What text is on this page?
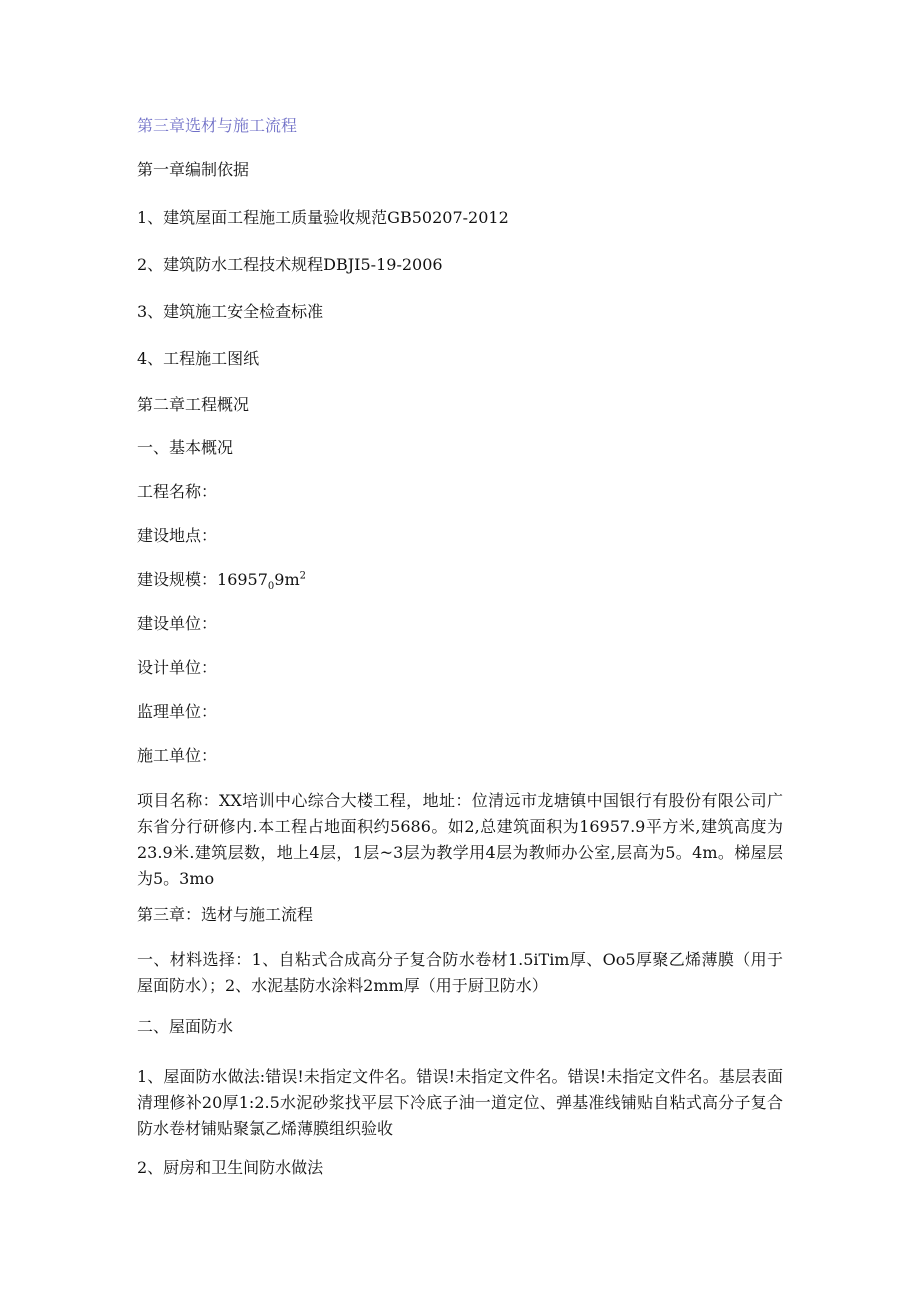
第三章选材与施工流程

第一章编制依据

1、建筑屋面工程施工质量验收规范GB50207-2012

2、建筑防水工程技术规程DBJI5-19-2006

3、建筑施工安全检查标准

4、工程施工图纸

第二章工程概况

一、基本概况

工程名称：

建设地点：

建设规模：$16957_09m^2$

建设单位：

设计单位：

监理单位：

施工单位：

项目名称：XX培训中心综合大楼工程，地址：位清远市龙塘镇中国银行有股份有限公司广东省分行研修内.本工程占地面积约5686。如2,总建筑面积为16957.9平方米,建筑高度为23.9米.建筑层数，地上4层，1层~3层为教学用4层为教师办公室,层高为5。4m。梯屋层为5。3mo

第三章：选材与施工流程

一、材料选择：1、自粘式合成高分子复合防水卷材1.5iTim厚、Oo5厚聚乙烯薄膜（用于屋面防水）；2、水泥基防水涂料2mm厚（用于厨卫防水）

二、屋面防水

1、屋面防水做法:错误!未指定文件名。错误!未指定文件名。错误!未指定文件名。基层表面清理修补20厚1:2.5水泥砂浆找平层下冷底子油一道定位、弹基准线铺贴自粘式高分子复合防水卷材铺贴聚氯乙烯薄膜组织验收

2、厨房和卫生间防水做法
